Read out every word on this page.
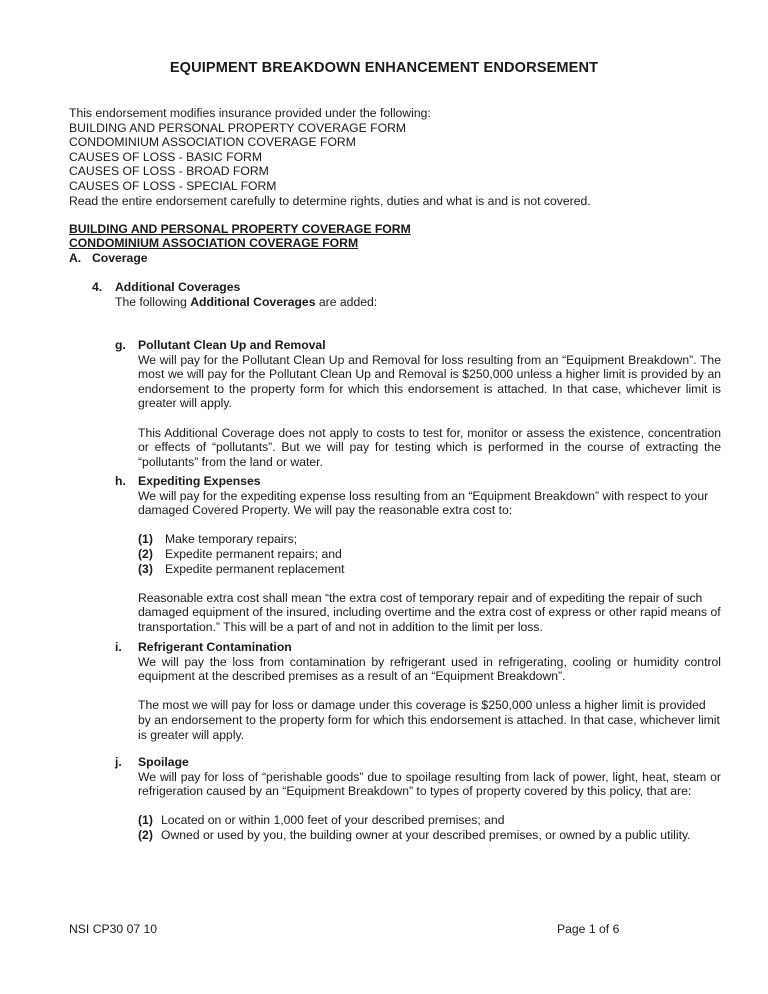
EQUIPMENT BREAKDOWN ENHANCEMENT ENDORSEMENT
This endorsement modifies insurance provided under the following:
BUILDING AND PERSONAL PROPERTY COVERAGE FORM
CONDOMINIUM ASSOCIATION COVERAGE FORM
CAUSES OF LOSS - BASIC FORM
CAUSES OF LOSS - BROAD FORM
CAUSES OF LOSS - SPECIAL FORM
Read the entire endorsement carefully to determine rights, duties and what is and is not covered.
BUILDING AND PERSONAL PROPERTY COVERAGE FORM
CONDOMINIUM ASSOCIATION COVERAGE FORM
A. Coverage
4. Additional Coverages
The following Additional Coverages are added:
g. Pollutant Clean Up and Removal
We will pay for the Pollutant Clean Up and Removal for loss resulting from an “Equipment Breakdown”. The most we will pay for the Pollutant Clean Up and Removal is $250,000 unless a higher limit is provided by an endorsement to the property form for which this endorsement is attached. In that case, whichever limit is greater will apply.
This Additional Coverage does not apply to costs to test for, monitor or assess the existence, concentration or effects of “pollutants”. But we will pay for testing which is performed in the course of extracting the “pollutants” from the land or water.
h. Expediting Expenses
We will pay for the expediting expense loss resulting from an “Equipment Breakdown” with respect to your damaged Covered Property. We will pay the reasonable extra cost to:
(1) Make temporary repairs;
(2) Expedite permanent repairs; and
(3) Expedite permanent replacement
Reasonable extra cost shall mean “the extra cost of temporary repair and of expediting the repair of such damaged equipment of the insured, including overtime and the extra cost of express or other rapid means of transportation.” This will be a part of and not in addition to the limit per loss.
i. Refrigerant Contamination
We will pay the loss from contamination by refrigerant used in refrigerating, cooling or humidity control equipment at the described premises as a result of an “Equipment Breakdown”.
The most we will pay for loss or damage under this coverage is $250,000 unless a higher limit is provided by an endorsement to the property form for which this endorsement is attached. In that case, whichever limit is greater will apply.
j. Spoilage
We will pay for loss of “perishable goods” due to spoilage resulting from lack of power, light, heat, steam or refrigeration caused by an “Equipment Breakdown” to types of property covered by this policy, that are:
(1) Located on or within 1,000 feet of your described premises; and
(2) Owned or used by you, the building owner at your described premises, or owned by a public utility.
NSI CP30 07 10	Page 1 of 6
